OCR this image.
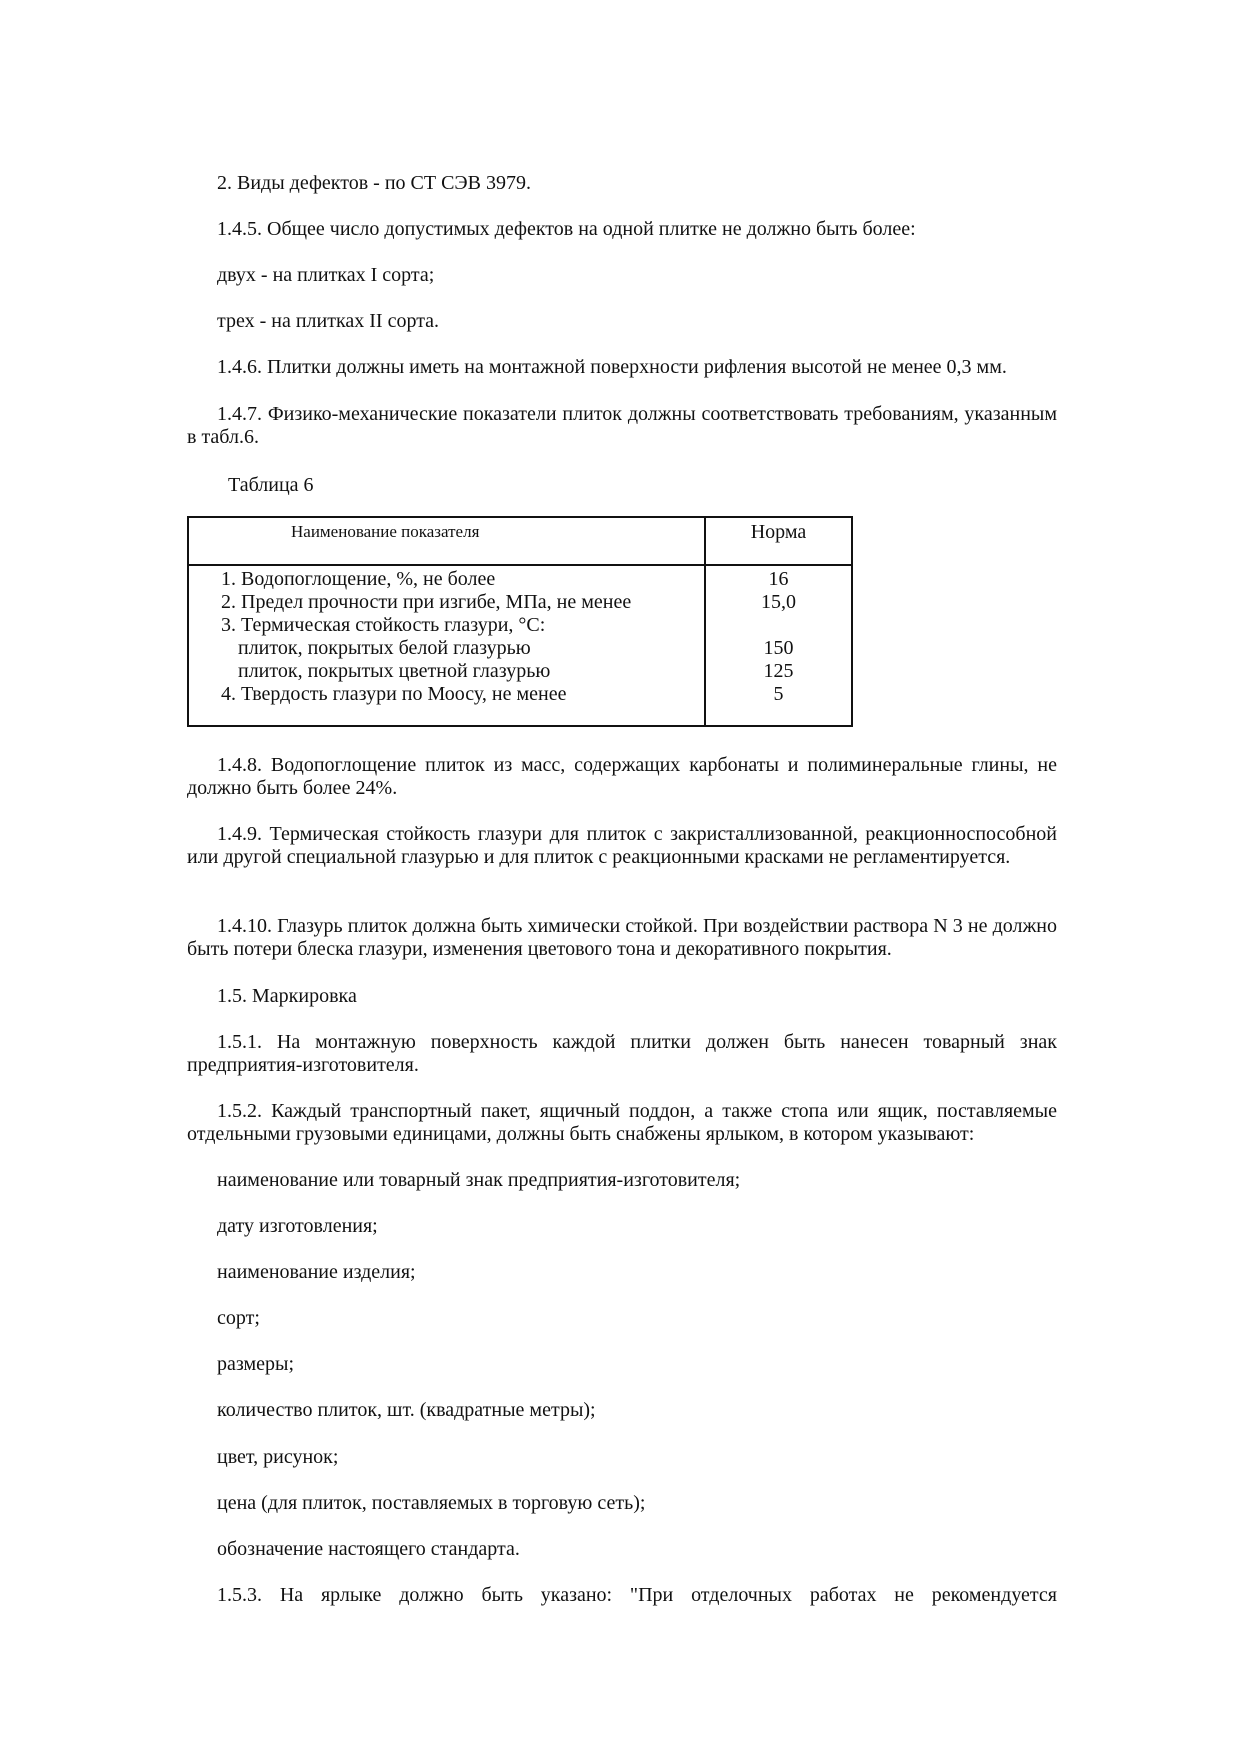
2. Виды дефектов - по СТ СЭВ 3979.

1.4.5. Общее число допустимых дефектов на одной плитке не должно быть более:

двух - на плитках I сорта;

трех - на плитках II сорта.

1.4.6. Плитки должны иметь на монтажной поверхности рифления высотой не менее 0,3 мм.

1.4.7. Физико-механические показатели плиток должны соответствовать требованиям, указанным в табл.6.

Таблица 6

Наименование показателя	Норма
1. Водопоглощение, %, не более
2. Предел прочности при изгибе, МПа, не менее
3. Термическая стойкость глазури, °С:
плиток, покрытых белой глазурью
плиток, покрытых цветной глазурью
4. Твердость глазури по Моосу, не менее
16
15,0
150
125
5

1.4.8. Водопоглощение плиток из масс, содержащих карбонаты и полиминеральные глины, не должно быть более 24%.

1.4.9. Термическая стойкость глазури для плиток с закристаллизованной, реакционноспособной или другой специальной глазурью и для плиток с реакционными красками не регламентируется.

1.4.10. Глазурь плиток должна быть химически стойкой. При воздействии раствора N 3 не должно быть потери блеска глазури, изменения цветового тона и декоративного покрытия.

1.5. Маркировка

1.5.1. На монтажную поверхность каждой плитки должен быть нанесен товарный знак предприятия-изготовителя.

1.5.2. Каждый транспортный пакет, ящичный поддон, а также стопа или ящик, поставляемые отдельными грузовыми единицами, должны быть снабжены ярлыком, в котором указывают:

наименование или товарный знак предприятия-изготовителя;

дату изготовления;

наименование изделия;

сорт;

размеры;

количество плиток, шт. (квадратные метры);

цвет, рисунок;

цена (для плиток, поставляемых в торговую сеть);

обозначение настоящего стандарта.

1.5.3. На ярлыке должно быть указано: "При отделочных работах не рекомендуется
